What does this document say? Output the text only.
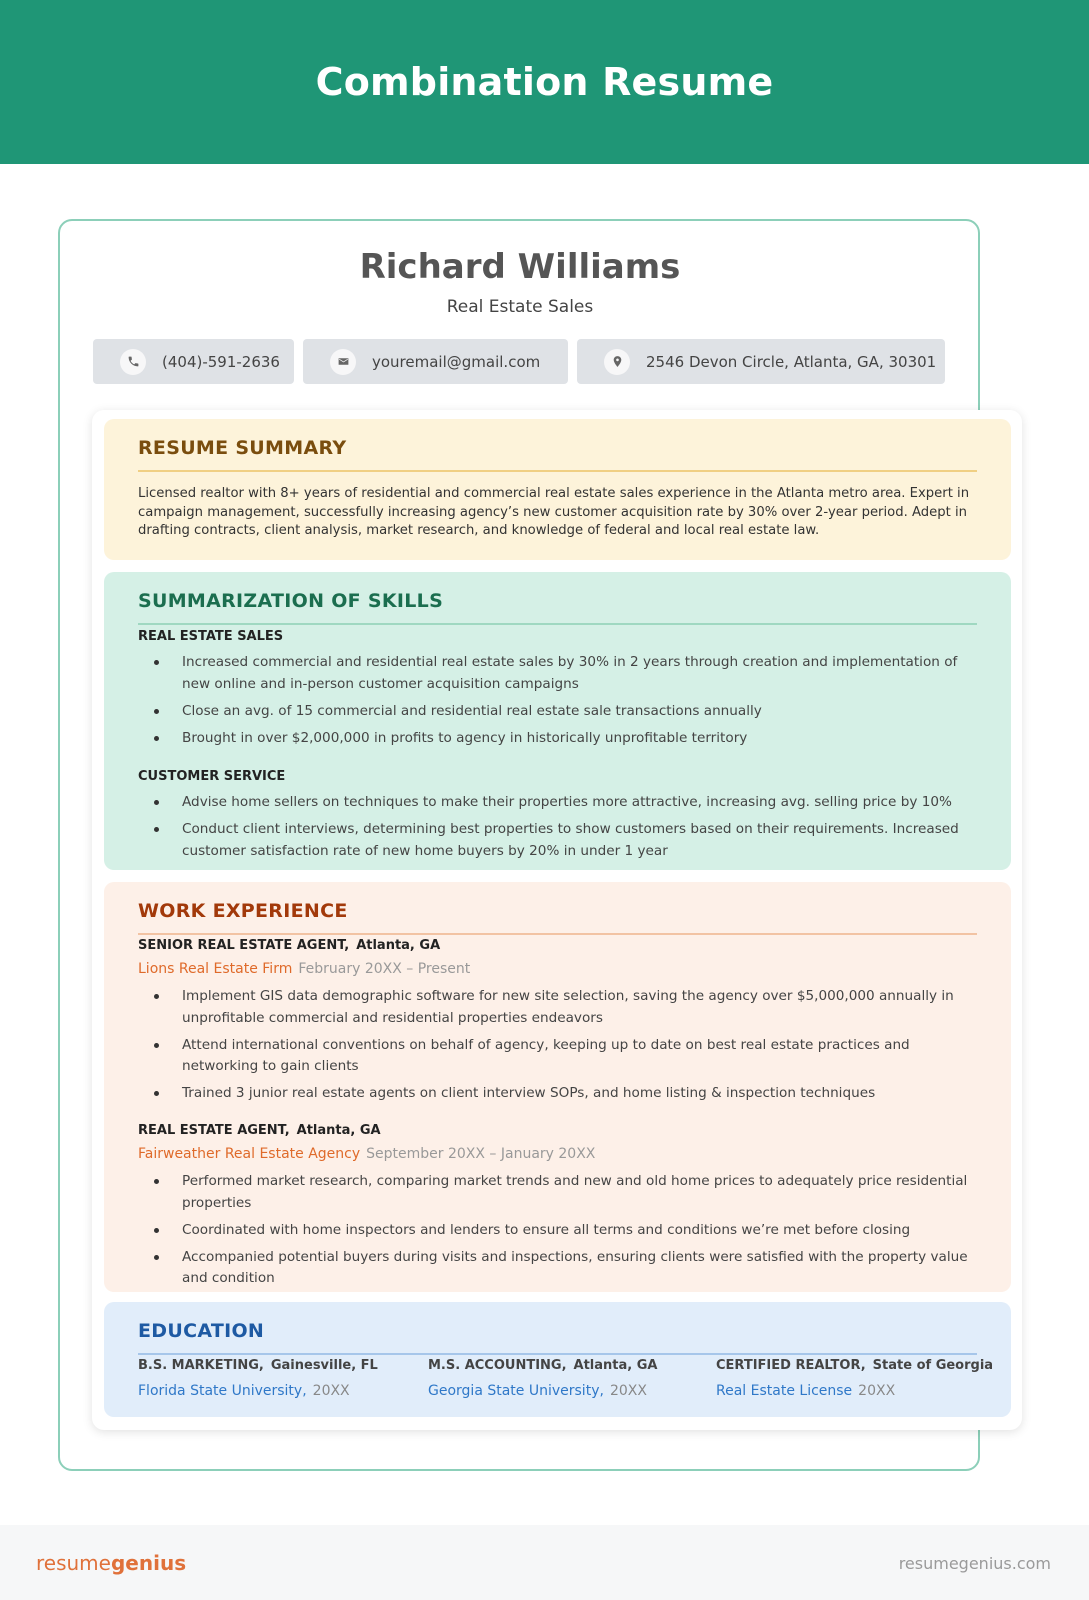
Combination Resume
Richard Williams
Real Estate Sales
(404)-591-2636	youremail@gmail.com	2546 Devon Circle, Atlanta, GA, 30301
RESUME SUMMARY

Licensed realtor with 8+ years of residential and commercial real estate sales experience in the Atlanta metro area. Expert in campaign management, successfully increasing agency’s new customer acquisition rate by 30% over 2-year period. Adept in drafting contracts, client analysis, market research, and knowledge of federal and local real estate law.

SUMMARIZATION OF SKILLS
REAL ESTATE SALES
Increased commercial and residential real estate sales by 30% in 2 years through creation and implementation of new online and in-person customer acquisition campaigns
Close an avg. of 15 commercial and residential real estate sale transactions annually
Brought in over $2,000,000 in profits to agency in historically unprofitable territory
CUSTOMER SERVICE
Advise home sellers on techniques to make their properties more attractive, increasing avg. selling price by 10%
Conduct client interviews, determining best properties to show customers based on their requirements. Increased customer satisfaction rate of new home buyers by 20% in under 1 year
WORK EXPERIENCE
SENIOR REAL ESTATE AGENT, Atlanta, GA
Lions Real Estate Firm February 20XX – Present
Implement GIS data demographic software for new site selection, saving the agency over $5,000,000 annually in unprofitable commercial and residential properties endeavors
Attend international conventions on behalf of agency, keeping up to date on best real estate practices and networking to gain clients
Trained 3 junior real estate agents on client interview SOPs, and home listing & inspection techniques
REAL ESTATE AGENT, Atlanta, GA
Fairweather Real Estate Agency September 20XX – January 20XX
Performed market research, comparing market trends and new and old home prices to adequately price residential properties
Coordinated with home inspectors and lenders to ensure all terms and conditions we’re met before closing
Accompanied potential buyers during visits and inspections, ensuring clients were satisfied with the property value and condition
EDUCATION
B.S. MARKETING, Gainesville, FL
Florida State University, 20XX
M.S. ACCOUNTING, Atlanta, GA
Georgia State University, 20XX
CERTIFIED REALTOR, State of Georgia
Real Estate License 20XX
resumegenius	resumegenius.com
